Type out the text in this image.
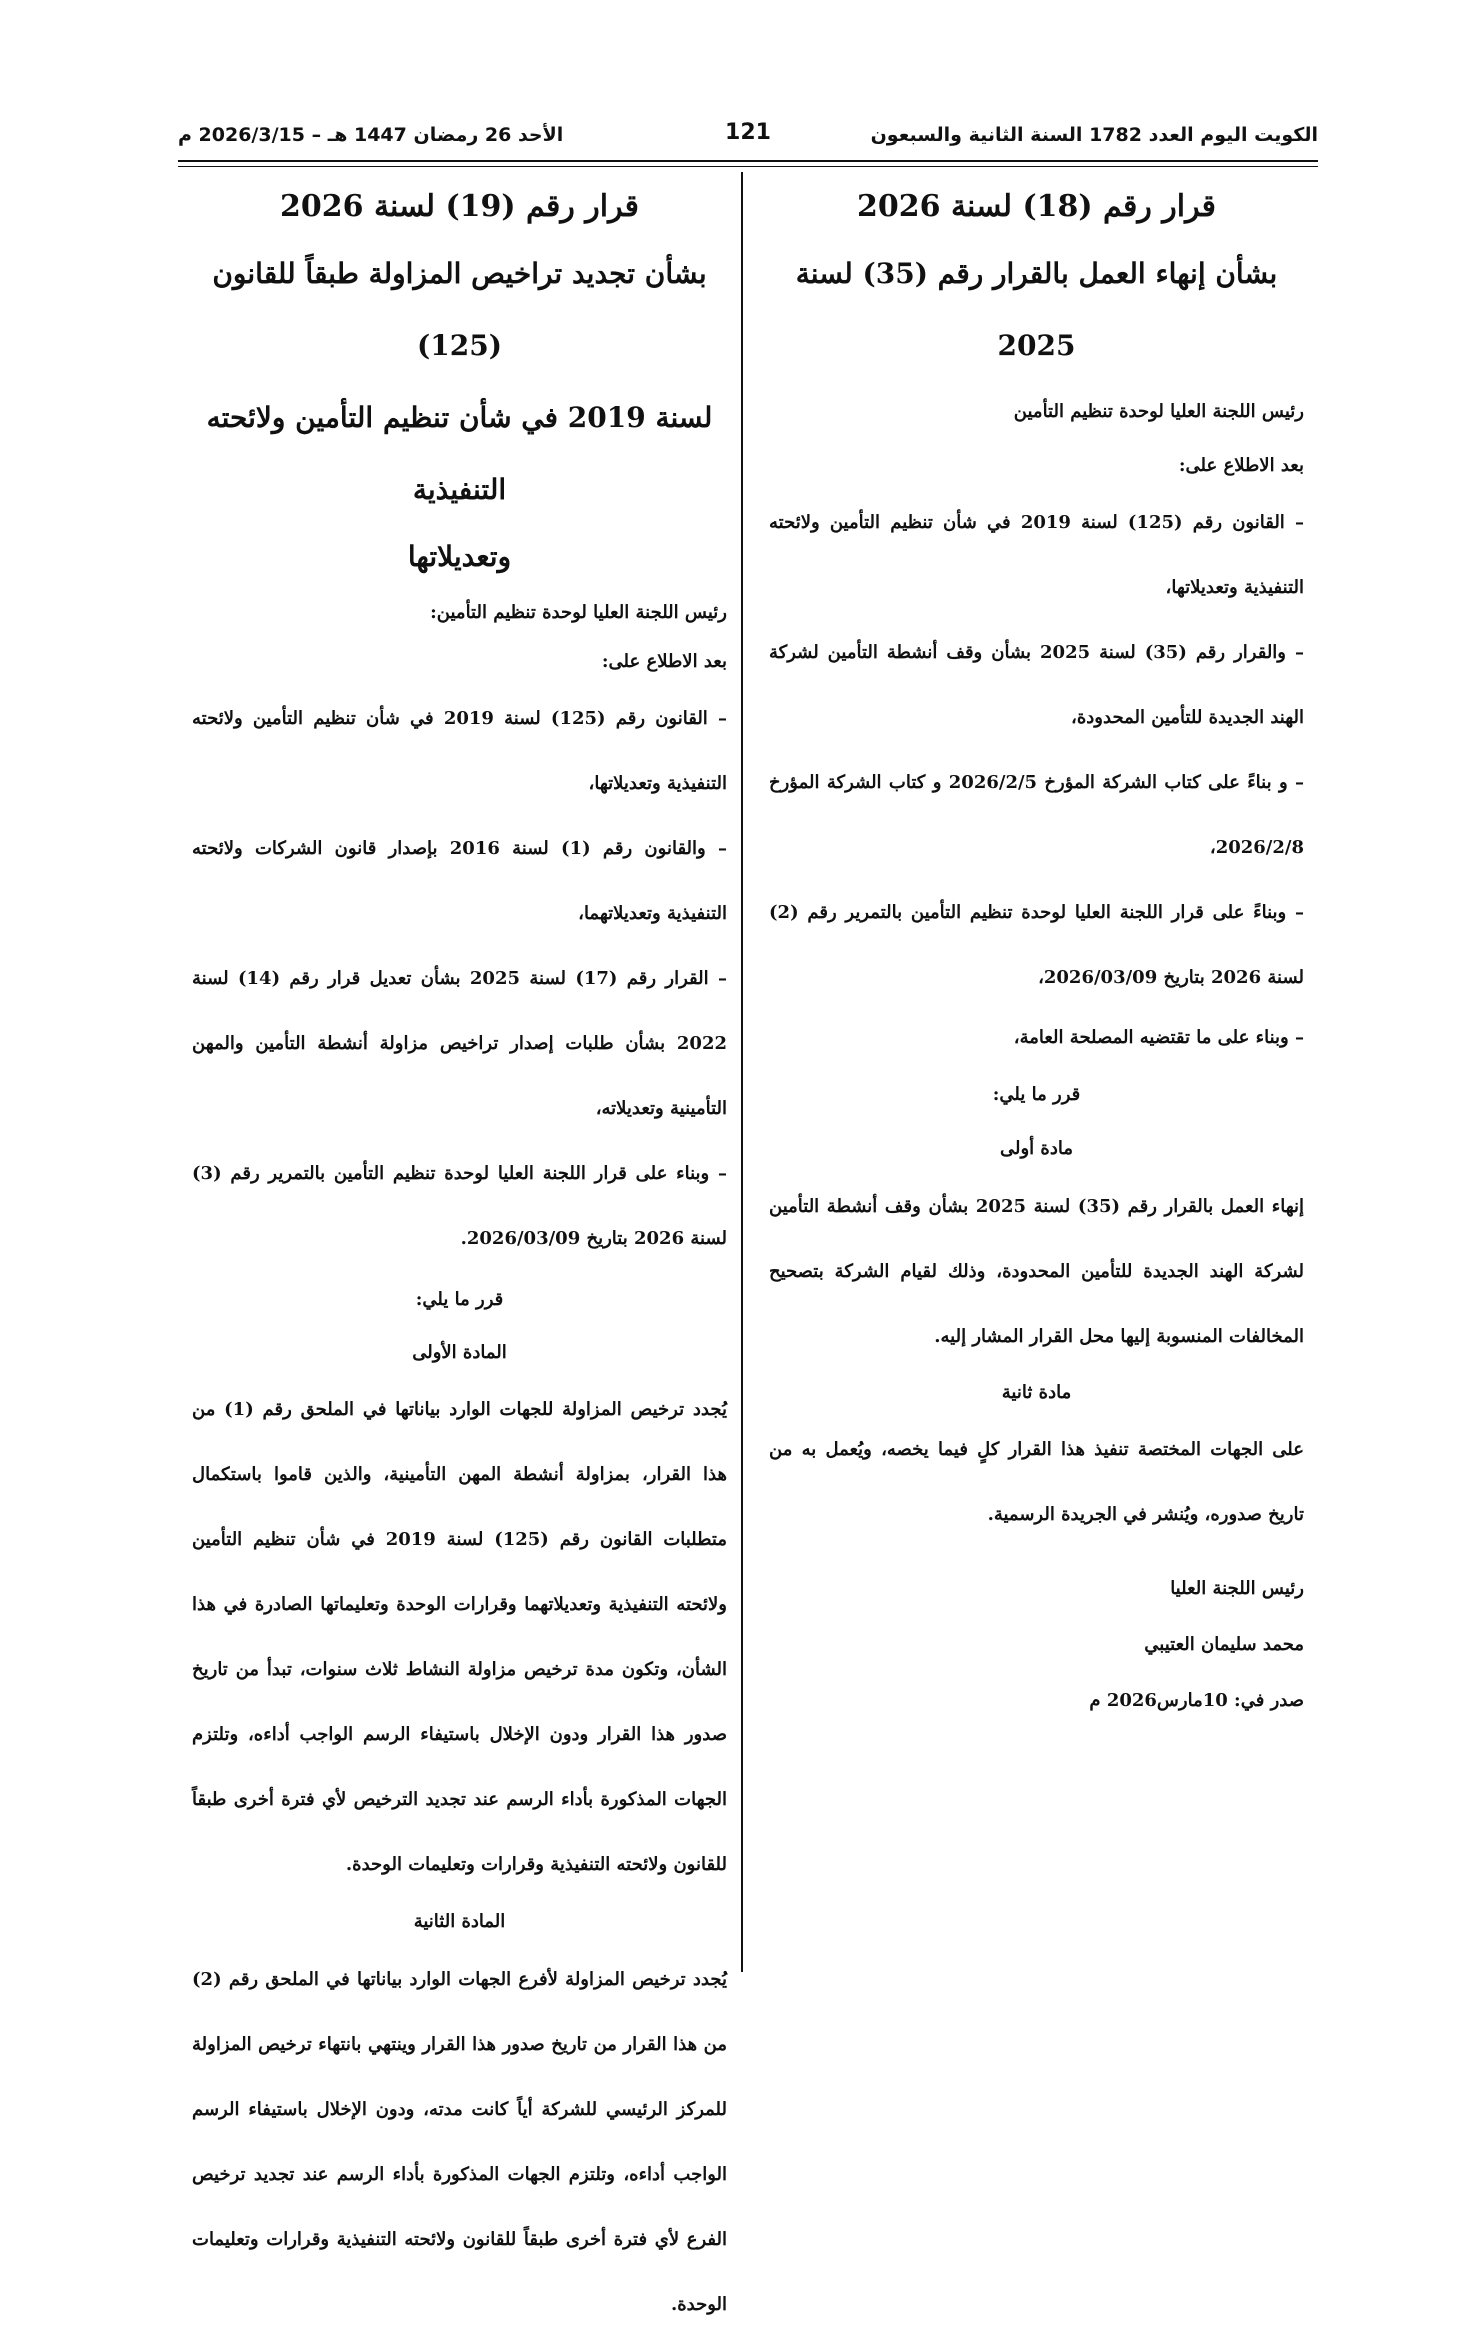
الكويت اليوم العدد 1782 السنة الثانية والسبعون
121
الأحد 26 رمضان 1447 هـ – 2026/3/15 م

قرار رقم (18) لسنة 2026

بشأن إنهاء العمل بالقرار رقم (35) لسنة 2025

رئيس اللجنة العليا لوحدة تنظيم التأمين

بعد الاطلاع على:

– القانون رقم (125) لسنة 2019 في شأن تنظيم التأمين ولائحته التنفيذية وتعديلاتها،

– والقرار رقم (35) لسنة 2025 بشأن وقف أنشطة التأمين لشركة الهند الجديدة للتأمين المحدودة،

– و بناءً على كتاب الشركة المؤرخ 2026/2/5 و كتاب الشركة المؤرخ 2026/2/8،

– وبناءً على قرار اللجنة العليا لوحدة تنظيم التأمين بالتمرير رقم (2) لسنة 2026 بتاريخ 2026/03/09،

– وبناء على ما تقتضيه المصلحة العامة،

قرر ما يلي:

مادة أولى

إنهاء العمل بالقرار رقم (35) لسنة 2025 بشأن وقف أنشطة التأمين لشركة الهند الجديدة للتأمين المحدودة، وذلك لقيام الشركة بتصحيح المخالفات المنسوبة إليها محل القرار المشار إليه.

مادة ثانية

على الجهات المختصة تنفيذ هذا القرار كلٍ فيما يخصه، ويُعمل به من تاريخ صدوره، ويُنشر في الجريدة الرسمية.

رئيس اللجنة العليا

محمد سليمان العتيبي

صدر في: 10مارس2026 م

قرار رقم (19) لسنة 2026

بشأن تجديد تراخيص المزاولة طبقاً للقانون (125)

لسنة 2019 في شأن تنظيم التأمين ولائحته التنفيذية

وتعديلاتها

رئيس اللجنة العليا لوحدة تنظيم التأمين:

بعد الاطلاع على:

– القانون رقم (125) لسنة 2019 في شأن تنظيم التأمين ولائحته التنفيذية وتعديلاتها،

– والقانون رقم (1) لسنة 2016 بإصدار قانون الشركات ولائحته التنفيذية وتعديلاتهما،

– القرار رقم (17) لسنة 2025 بشأن تعديل قرار رقم (14) لسنة 2022 بشأن طلبات إصدار تراخيص مزاولة أنشطة التأمين والمهن التأمينية وتعديلاته،

– وبناء على قرار اللجنة العليا لوحدة تنظيم التأمين بالتمرير رقم (3) لسنة 2026 بتاريخ 2026/03/09.

قرر ما يلي:

المادة الأولى

يُجدد ترخيص المزاولة للجهات الوارد بياناتها في الملحق رقم (1) من هذا القرار، بمزاولة أنشطة المهن التأمينية، والذين قاموا باستكمال متطلبات القانون رقم (125) لسنة 2019 في شأن تنظيم التأمين ولائحته التنفيذية وتعديلاتهما وقرارات الوحدة وتعليماتها الصادرة في هذا الشأن، وتكون مدة ترخيص مزاولة النشاط ثلاث سنوات، تبدأ من تاريخ صدور هذا القرار ودون الإخلال باستيفاء الرسم الواجب أداءه، وتلتزم الجهات المذكورة بأداء الرسم عند تجديد الترخيص لأي فترة أخرى طبقاً للقانون ولائحته التنفيذية وقرارات وتعليمات الوحدة.

المادة الثانية

يُجدد ترخيص المزاولة لأفرع الجهات الوارد بياناتها في الملحق رقم (2) من هذا القرار من تاريخ صدور هذا القرار وينتهي بانتهاء ترخيص المزاولة للمركز الرئيسي للشركة أياً كانت مدته، ودون الإخلال باستيفاء الرسم الواجب أداءه، وتلتزم الجهات المذكورة بأداء الرسم عند تجديد ترخيص الفرع لأي فترة أخرى طبقاً للقانون ولائحته التنفيذية وقرارات وتعليمات الوحدة.
